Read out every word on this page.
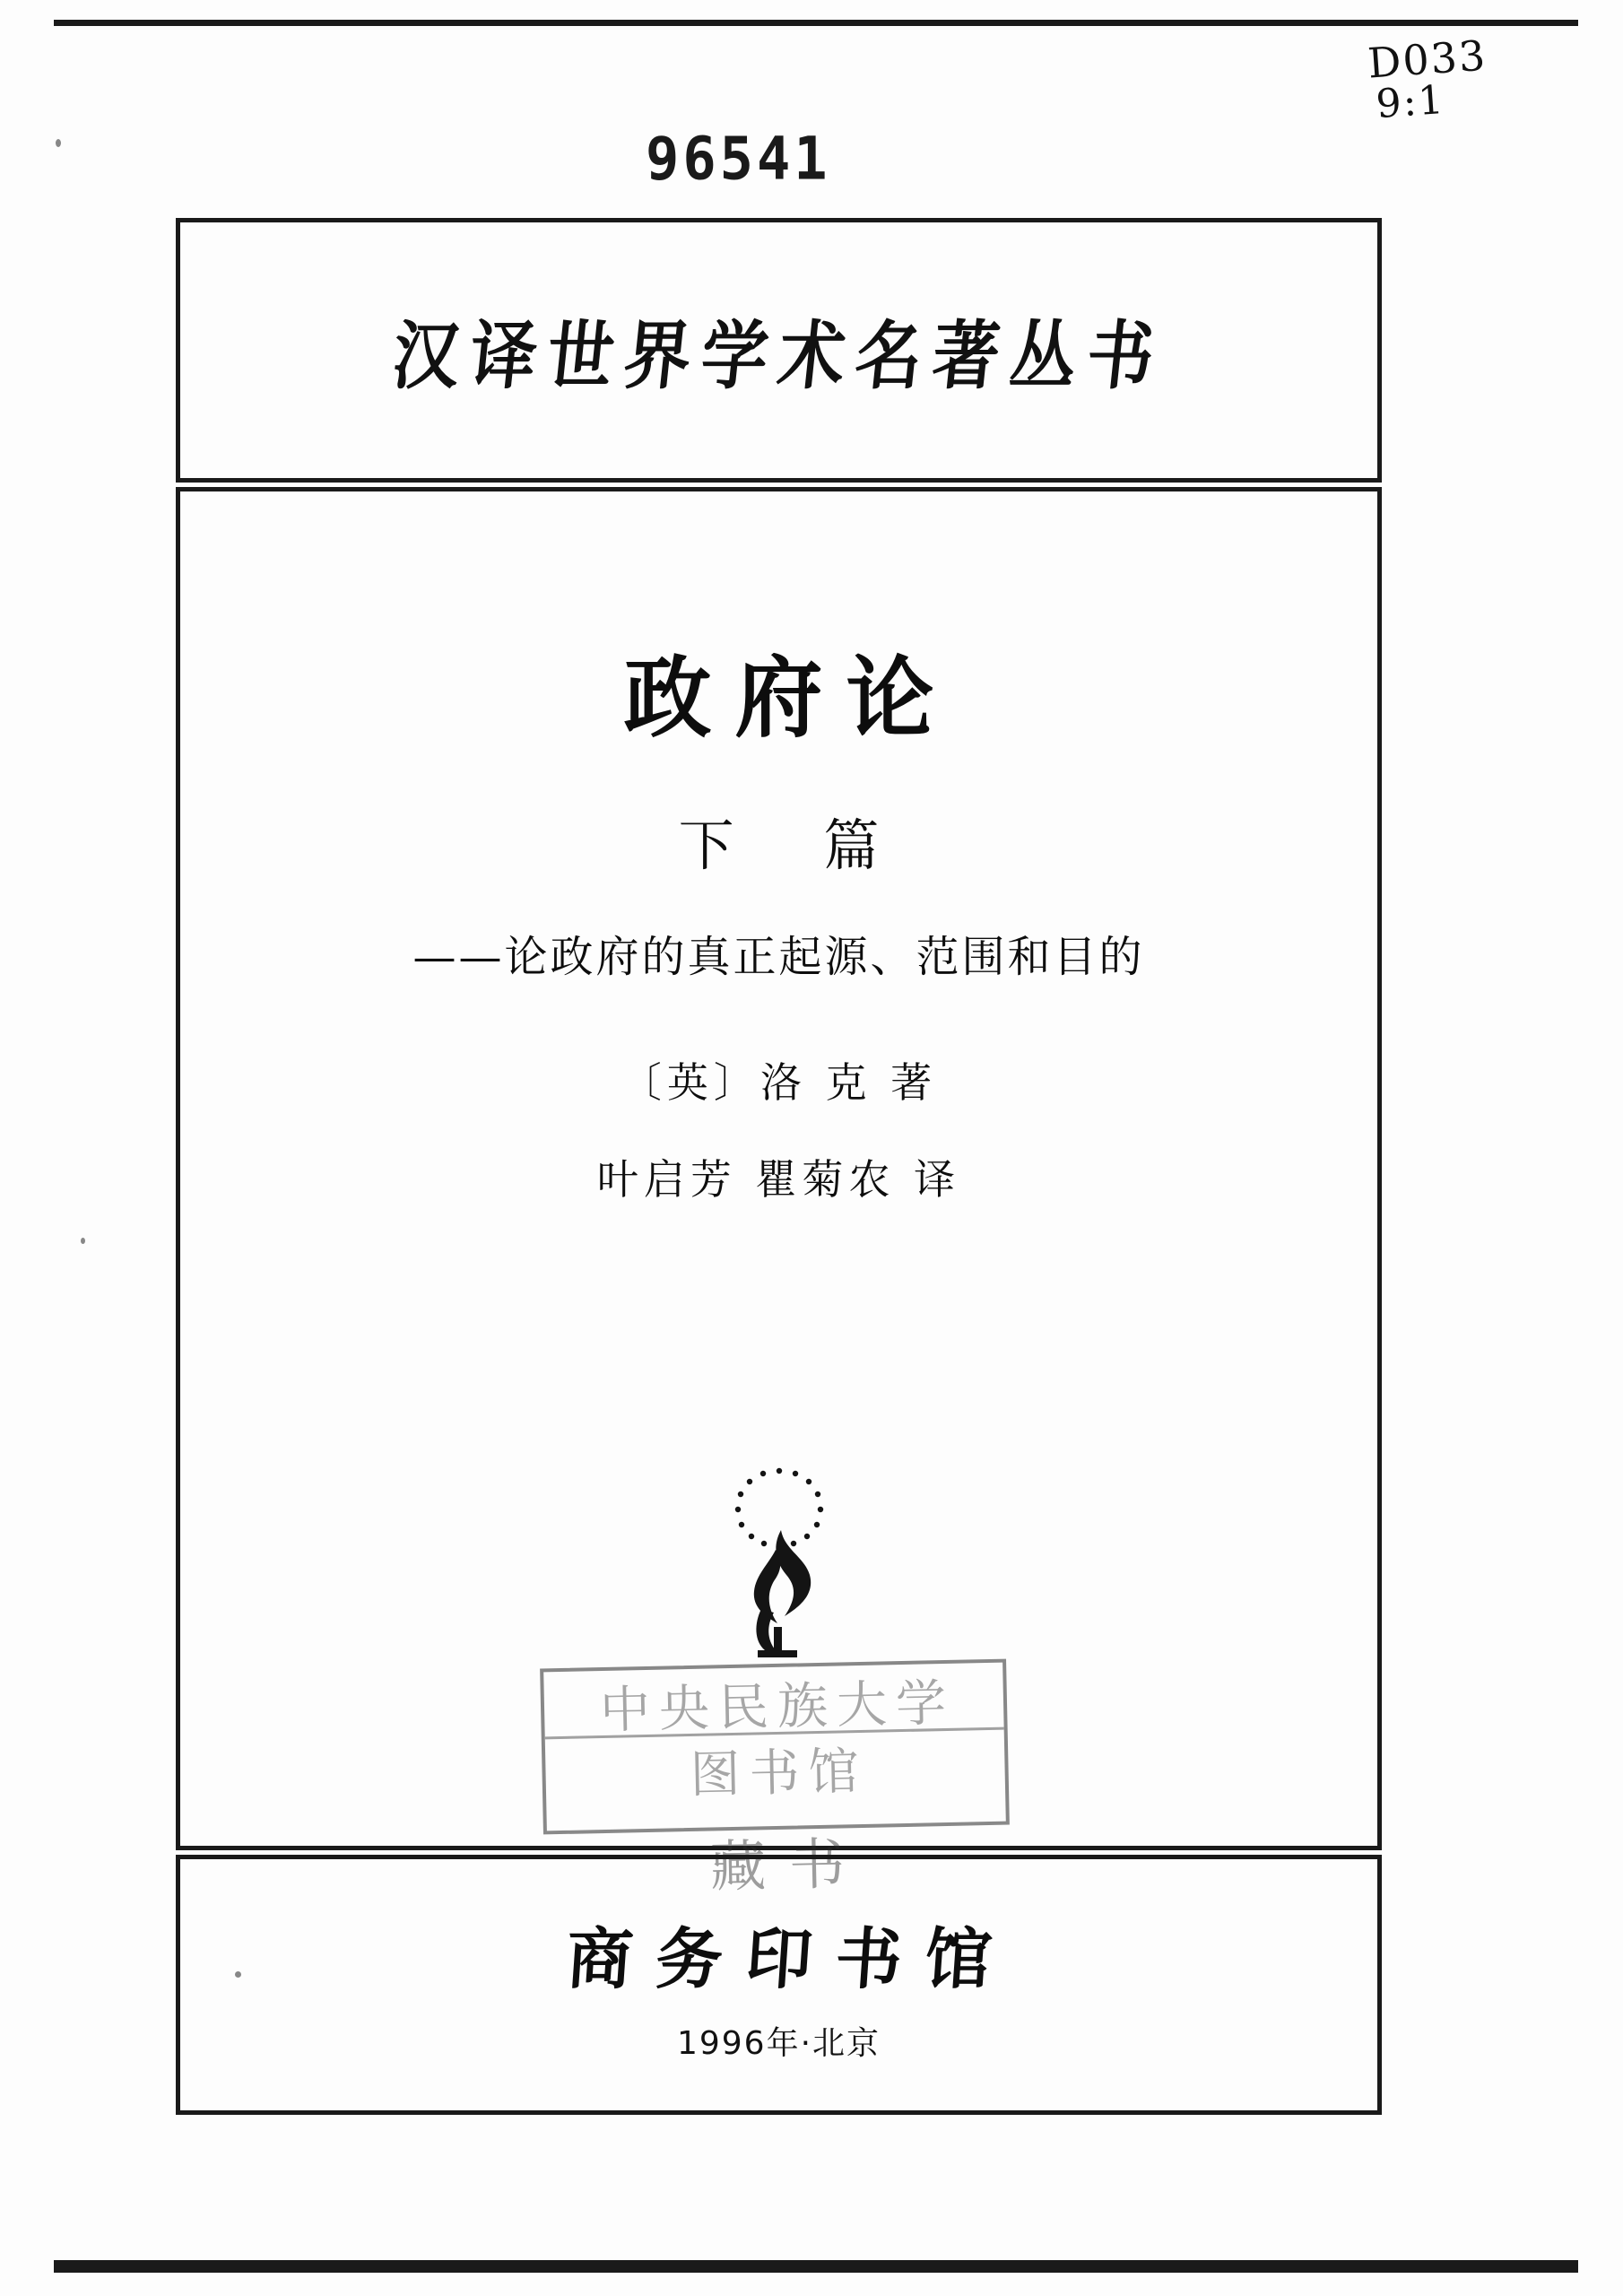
96541
D033
9:1
汉译世界学术名著丛书
政府论
下 篇
——论政府的真正起源、范围和目的
〔英〕洛 克 著
叶启芳 瞿菊农 译
中央民族大学
图书馆
藏书
商务印书馆
1996年·北京
